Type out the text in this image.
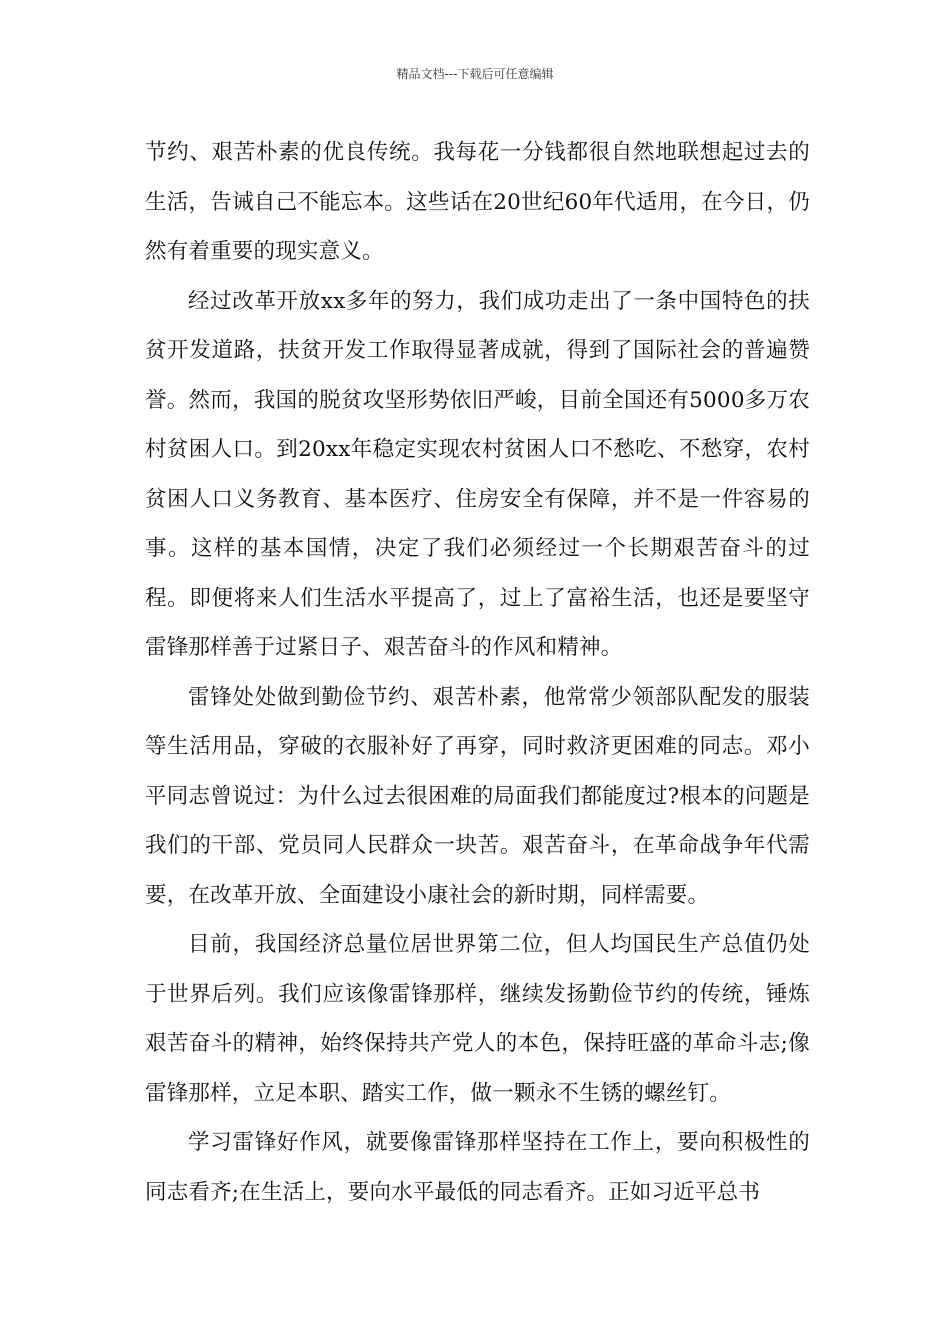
精品文档---下载后可任意编辑

节约、艰苦朴素的优良传统。我每花一分钱都很自然地联想起过去的生活，告诫自己不能忘本。这些话在20世纪60年代适用，在今日，仍然有着重要的现实意义。

经过改革开放xx多年的努力，我们成功走出了一条中国特色的扶贫开发道路，扶贫开发工作取得显著成就，得到了国际社会的普遍赞誉。然而，我国的脱贫攻坚形势依旧严峻，目前全国还有5000多万农村贫困人口。到20xx年稳定实现农村贫困人口不愁吃、不愁穿，农村贫困人口义务教育、基本医疗、住房安全有保障，并不是一件容易的事。这样的基本国情，决定了我们必须经过一个长期艰苦奋斗的过程。即便将来人们生活水平提高了，过上了富裕生活，也还是要坚守雷锋那样善于过紧日子、艰苦奋斗的作风和精神。

雷锋处处做到勤俭节约、艰苦朴素，他常常少领部队配发的服装等生活用品，穿破的衣服补好了再穿，同时救济更困难的同志。邓小平同志曾说过：为什么过去很困难的局面我们都能度过?根本的问题是我们的干部、党员同人民群众一块苦。艰苦奋斗，在革命战争年代需要，在改革开放、全面建设小康社会的新时期，同样需要。

目前，我国经济总量位居世界第二位，但人均国民生产总值仍处于世界后列。我们应该像雷锋那样，继续发扬勤俭节约的传统，锤炼艰苦奋斗的精神，始终保持共产党人的本色，保持旺盛的革命斗志;像雷锋那样，立足本职、踏实工作，做一颗永不生锈的螺丝钉。

学习雷锋好作风，就要像雷锋那样坚持在工作上，要向积极性的同志看齐;在生活上，要向水平最低的同志看齐。正如习近平总书
